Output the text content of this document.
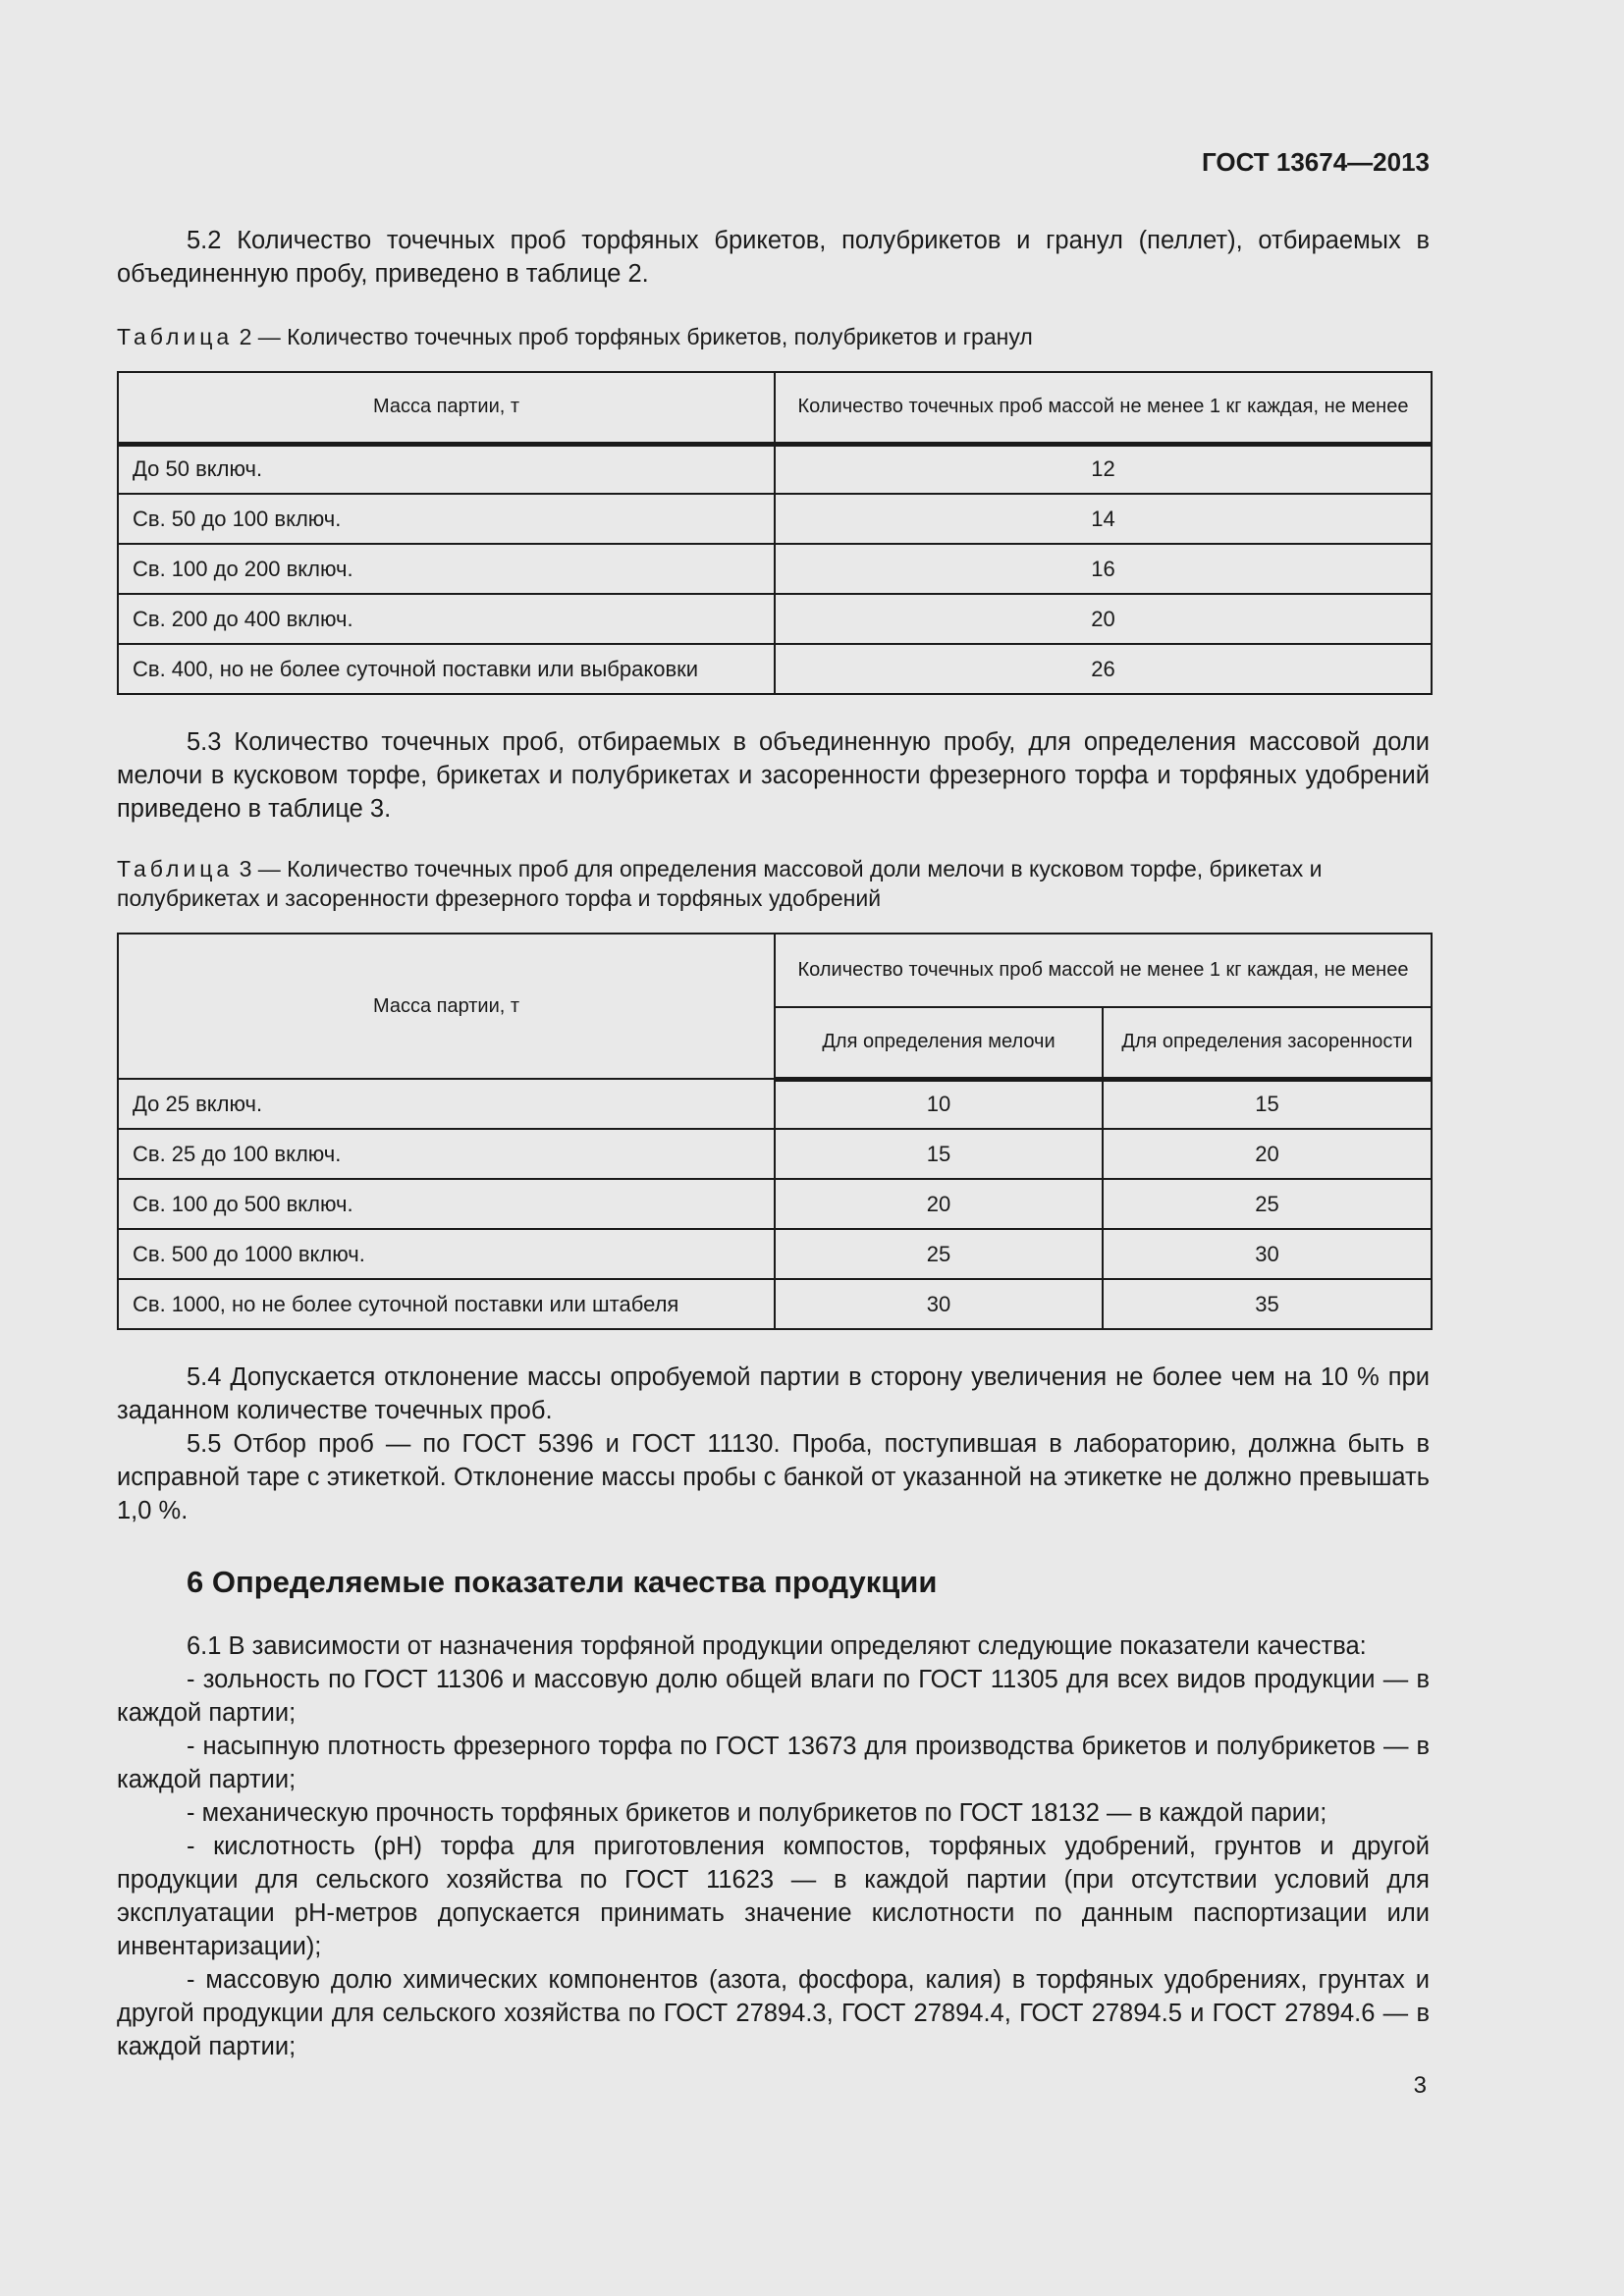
ГОСТ 13674—2013

5.2 Количество точечных проб торфяных брикетов, полубрикетов и гранул (пеллет), отбираемых в объединенную пробу, приведено в таблице 2.

Таблица 2 — Количество точечных проб торфяных брикетов, полубрикетов и гранул

Масса партии, т	Количество точечных проб массой не менее 1 кг каждая, не менее
До 50 включ.	12
Св. 50 до 100 включ.	14
Св. 100 до 200 включ.	16
Св. 200 до 400 включ.	20
Св. 400, но не более суточной поставки или выбраковки	26

5.3 Количество точечных проб, отбираемых в объединенную пробу, для определения массовой доли мелочи в кусковом торфе, брикетах и полубрикетах и засоренности фрезерного торфа и торфяных удобрений приведено в таблице 3.

Таблица 3 — Количество точечных проб для определения массовой доли мелочи в кусковом торфе, брикетах и полубрикетах и засоренности фрезерного торфа и торфяных удобрений

Масса партии, т	Количество точечных проб массой не менее 1 кг каждая, не менее	
	Для определения мелочи	Для определения засоренности
До 25 включ.	10	15
Св. 25 до 100 включ.	15	20
Св. 100 до 500 включ.	20	25
Св. 500 до 1000 включ.	25	30
Св. 1000, но не более суточной поставки или штабеля	30	35

5.4 Допускается отклонение массы опробуемой партии в сторону увеличения не более чем на 10 % при заданном количестве точечных проб.

5.5 Отбор проб — по ГОСТ 5396 и ГОСТ 11130. Проба, поступившая в лабораторию, должна быть в исправной таре с этикеткой. Отклонение массы пробы с банкой от указанной на этикетке не должно превышать 1,0 %.

6 Определяемые показатели качества продукции

6.1 В зависимости от назначения торфяной продукции определяют следующие показатели качества:

- зольность по ГОСТ 11306 и массовую долю общей влаги по ГОСТ 11305 для всех видов продукции — в каждой партии;

- насыпную плотность фрезерного торфа по ГОСТ 13673 для производства брикетов и полубрикетов — в каждой партии;

- механическую прочность торфяных брикетов и полубрикетов по ГОСТ 18132 — в каждой парии;

- кислотность (pH) торфа для приготовления компостов, торфяных удобрений, грунтов и другой продукции для сельского хозяйства по ГОСТ 11623 — в каждой партии (при отсутствии условий для эксплуатации pH-метров допускается принимать значение кислотности по данным паспортизации или инвентаризации);

- массовую долю химических компонентов (азота, фосфора, калия) в торфяных удобрениях, грунтах и другой продукции для сельского хозяйства по ГОСТ 27894.3, ГОСТ 27894.4, ГОСТ 27894.5 и ГОСТ 27894.6 — в каждой партии;

3
